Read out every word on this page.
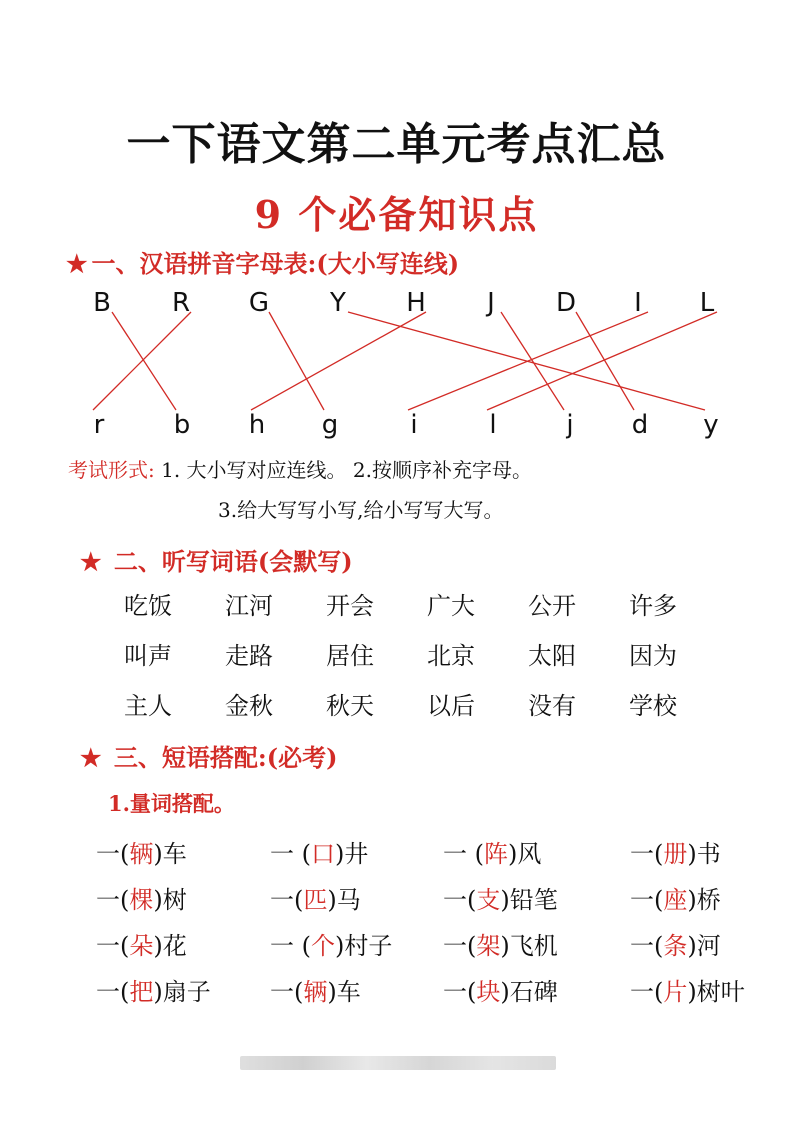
一下语文第二单元考点汇总
9 个必备知识点
★ 一、汉语拼音字母表:(大小写连线)
B	R	G	Y	H	J	D	I	L
r	b	h	g	i	l	j	d	y
考试形式: 1. 大小写对应连线。 2.按顺序补充字母。
3.给大写写小写,给小写写大写。
★ 二、听写词语(会默写)
吃饭 江河 开会 广大 公开 许多
叫声 走路 居住 北京 太阳 因为
主人 金秋 秋天 以后 没有 学校
★ 三、短语搭配:(必考)
1.量词搭配。
一(辆)车	一 (口)井	一 (阵)风	一(册)书
一(棵)树	一(匹)马	一(支)铅笔	一(座)桥
一(朵)花	一 (个)村子 一(架)飞机	一(条)河
一(把)扇子 一(辆)车	一(块)石碑	一(片)树叶
